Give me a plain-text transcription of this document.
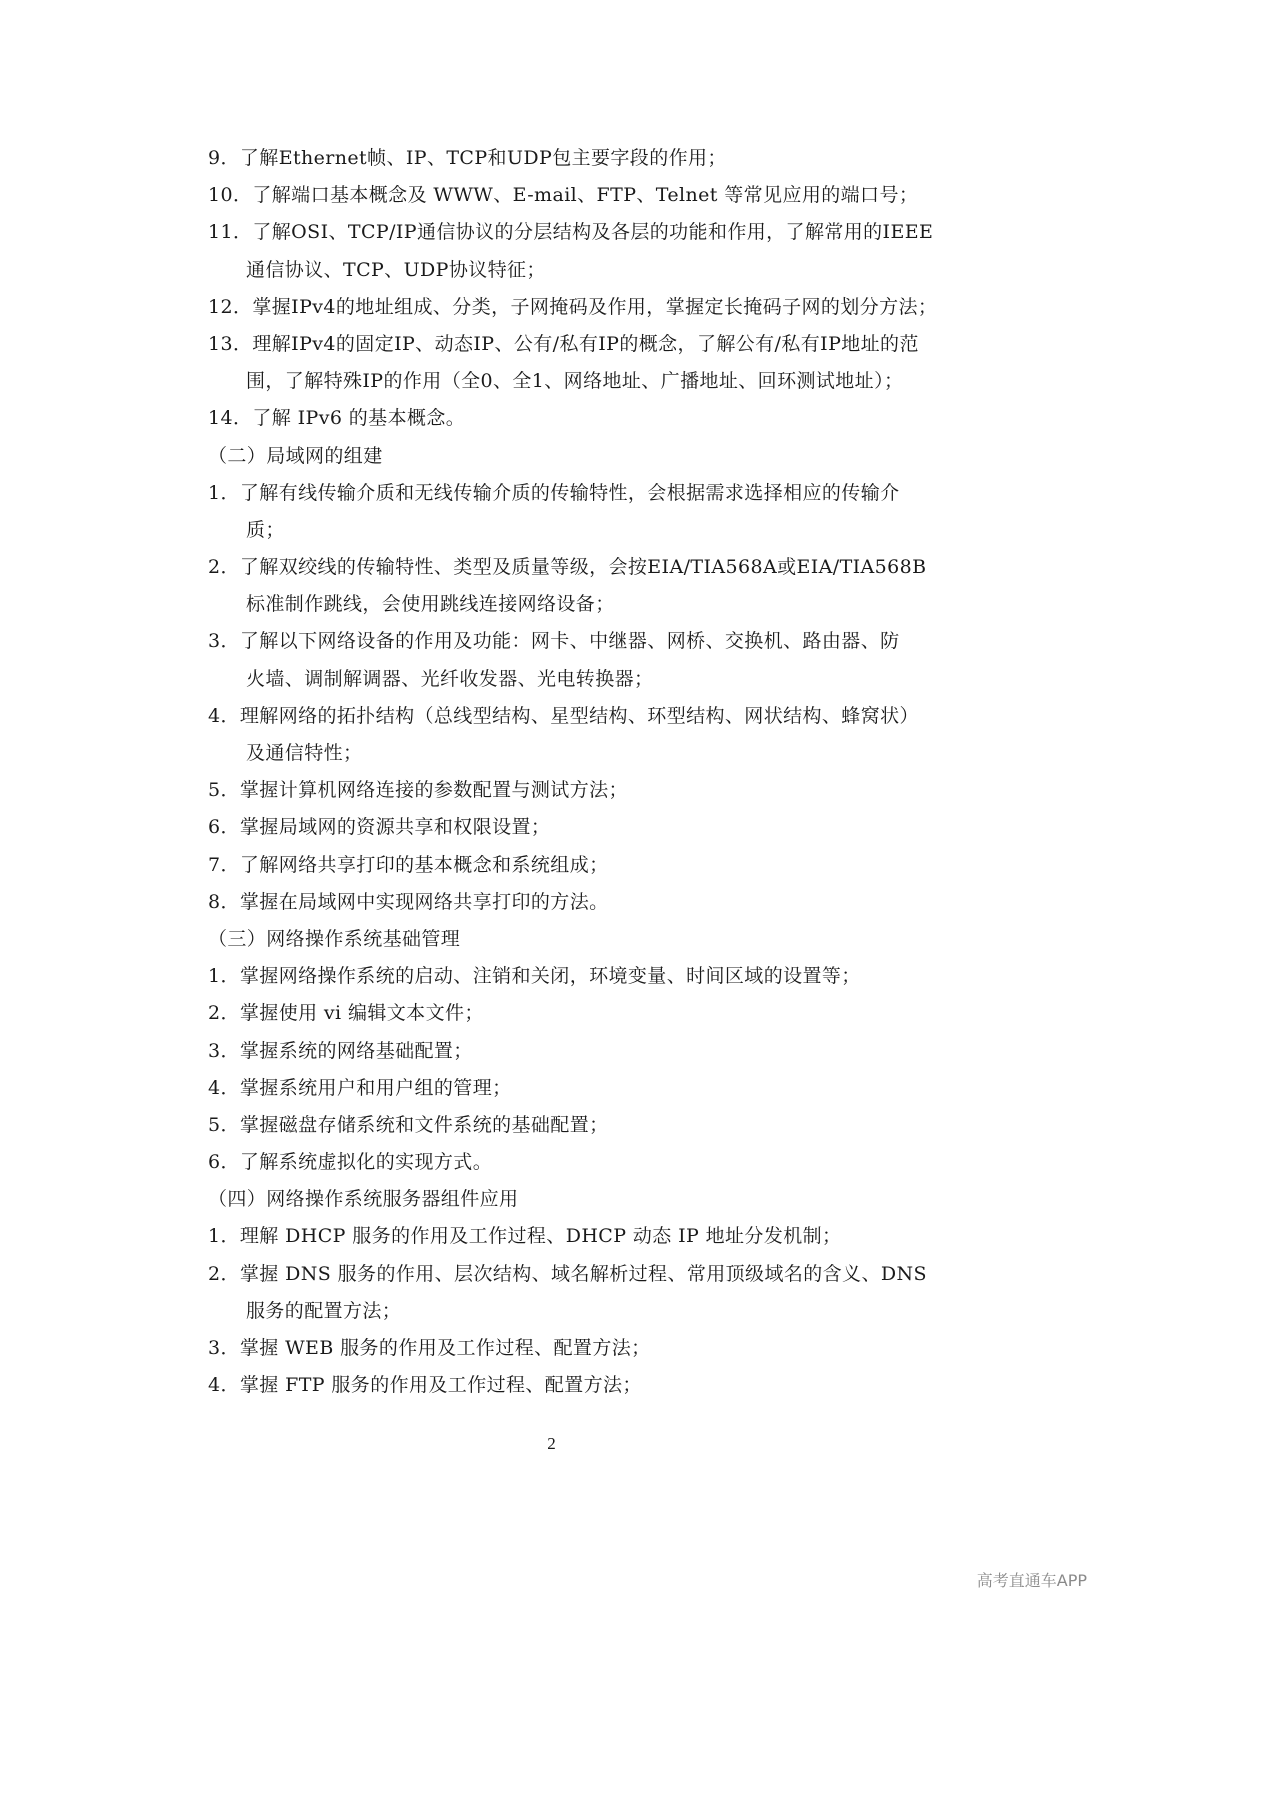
9．了解Ethernet帧、IP、TCP和UDP包主要字段的作用；
10．了解端口基本概念及 WWW、E-mail、FTP、Telnet 等常见应用的端口号；
11．了解OSI、TCP/IP通信协议的分层结构及各层的功能和作用，了解常用的IEEE
通信协议、TCP、UDP协议特征；
12．掌握IPv4的地址组成、分类，子网掩码及作用，掌握定长掩码子网的划分方法；
13．理解IPv4的固定IP、动态IP、公有/私有IP的概念，了解公有/私有IP地址的范
围，了解特殊IP的作用（全0、全1、网络地址、广播地址、回环测试地址）；
14．了解 IPv6 的基本概念。
（二）局域网的组建
1．了解有线传输介质和无线传输介质的传输特性，会根据需求选择相应的传输介
质；
2．了解双绞线的传输特性、类型及质量等级，会按EIA/TIA568A或EIA/TIA568B
标准制作跳线，会使用跳线连接网络设备；
3．了解以下网络设备的作用及功能：网卡、中继器、网桥、交换机、路由器、防
火墙、调制解调器、光纤收发器、光电转换器；
4．理解网络的拓扑结构（总线型结构、星型结构、环型结构、网状结构、蜂窝状）
及通信特性；
5．掌握计算机网络连接的参数配置与测试方法；
6．掌握局域网的资源共享和权限设置；
7．了解网络共享打印的基本概念和系统组成；
8．掌握在局域网中实现网络共享打印的方法。
（三）网络操作系统基础管理
1．掌握网络操作系统的启动、注销和关闭，环境变量、时间区域的设置等；
2．掌握使用 vi 编辑文本文件；
3．掌握系统的网络基础配置；
4．掌握系统用户和用户组的管理；
5．掌握磁盘存储系统和文件系统的基础配置；
6．了解系统虚拟化的实现方式。
（四）网络操作系统服务器组件应用
1．理解 DHCP 服务的作用及工作过程、DHCP 动态 IP 地址分发机制；
2．掌握 DNS 服务的作用、层次结构、域名解析过程、常用顶级域名的含义、DNS
服务的配置方法；
3．掌握 WEB 服务的作用及工作过程、配置方法；
4．掌握 FTP 服务的作用及工作过程、配置方法；
2
高考直通车APP
